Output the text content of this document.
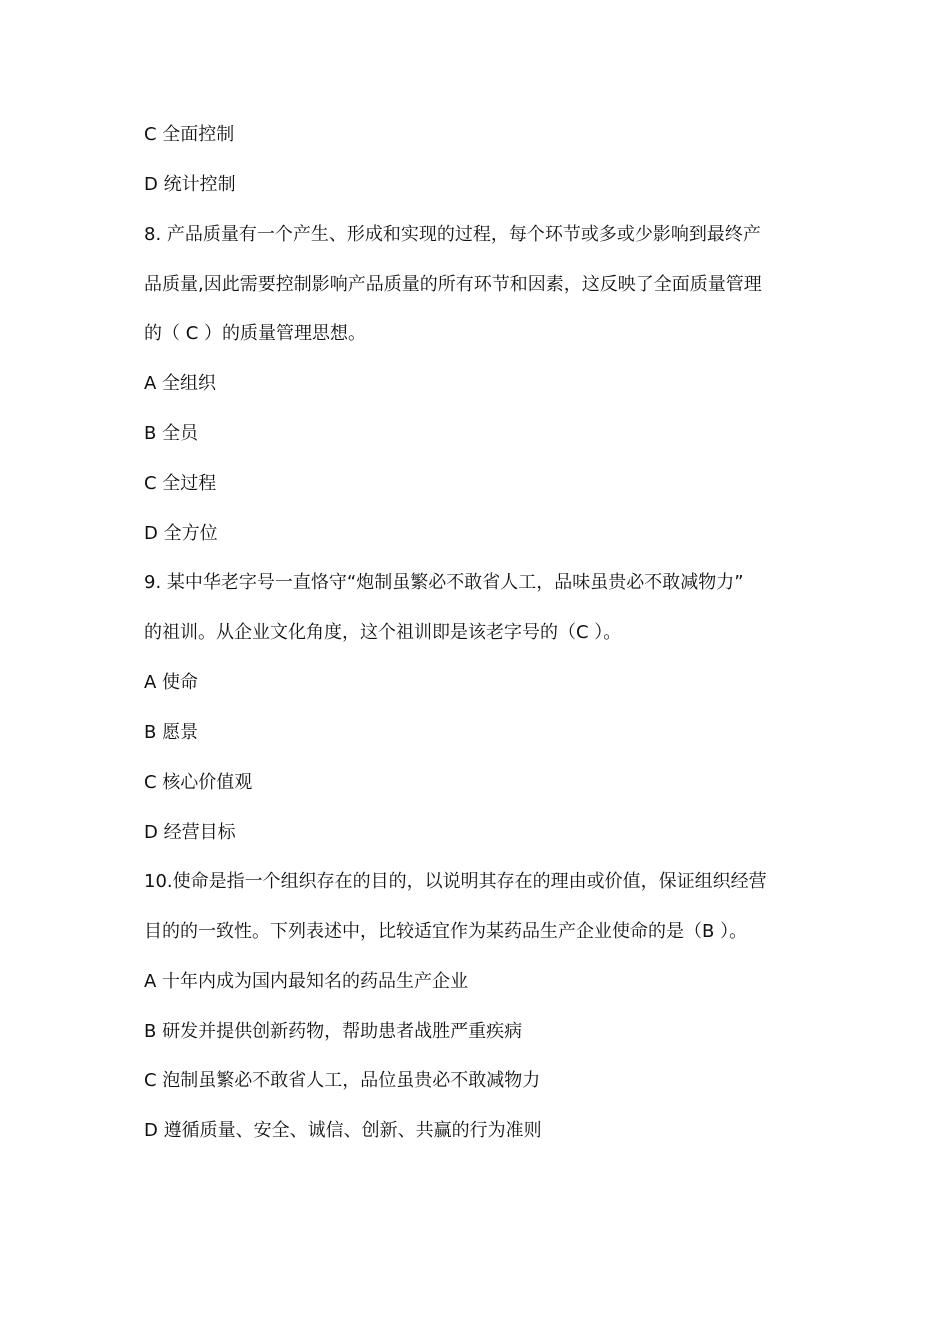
C 全面控制
D 统计控制
8. 产品质量有一个产生、形成和实现的过程，每个环节或多或少影响到最终产
品质量,因此需要控制影响产品质量的所有环节和因素，这反映了全面质量管理
的（ C ）的质量管理思想。
A 全组织
B 全员
C 全过程
D 全方位
9. 某中华老字号一直恪守“炮制虽繁必不敢省人工，品味虽贵必不敢减物力”
的祖训。从企业文化角度，这个祖训即是该老字号的（C ）。
A 使命
B 愿景
C 核心价值观
D 经营目标
10.使命是指一个组织存在的目的，以说明其存在的理由或价值，保证组织经营
目的的一致性。下列表述中，比较适宜作为某药品生产企业使命的是（B ）。
A 十年内成为国内最知名的药品生产企业
B 研发并提供创新药物，帮助患者战胜严重疾病
C 泡制虽繁必不敢省人工，品位虽贵必不敢减物力
D 遵循质量、安全、诚信、创新、共赢的行为准则
